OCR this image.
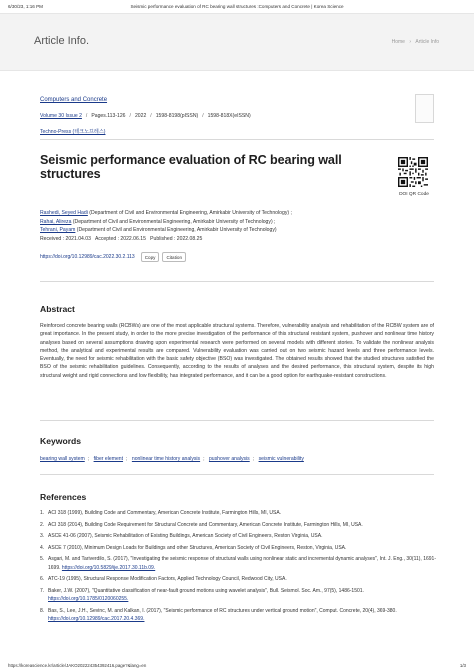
6/30/23, 1:16 PM	Seismic performance evaluation of RC bearing wall structures :Computers and Concrete | Korea Science
Article Info.	Home › Article Info
Computers and Concrete
Volume 30 Issue 2 / Pages.113-126 / 2022 / 1598-8198(pISSN) / 1598-818X(eISSN)
Techno-Press (테크노프레스)
Seismic performance evaluation of RC bearing wall structures
DOI QR Code
Rashedi, Seyed Hadi (Department of Civil and Environmental Engineering, Amirkabir University of Technology) ;
Rahai, Alireza (Department of Civil and Environmental Engineering, Amirkabir University of Technology) ;
Tehrani, Payam (Department of Civil and Environmental Engineering, Amirkabir University of Technology)
Received : 2021.04.03   Accepted : 2022.06.15   Published : 2022.08.25
https://doi.org/10.12989/cac.2022.30.2.113	Copy	Citation
Abstract
Reinforced concrete bearing walls (RCBWs) are one of the most applicable structural systems. Therefore, vulnerability analysis and rehabilitation of the RCBW system are of great importance. In the present study, in order to the more precise investigation of the performance of this structural resistant system, pushover and nonlinear time history analyses based on several assumptions drawing upon experimental research were performed on several models with different stories. To validate the nonlinear analysis method, the analytical and experimental results are compared. Vulnerability evaluation was carried out on two seismic hazard levels and three performance levels. Eventually, the need for seismic rehabilitation with the basic safety objective (BSO) was investigated. The obtained results showed that the studied structures satisfied the BSO of the seismic rehabilitation guidelines. Consequently, according to the results of analyses and the desired performance, this structural system, despite its high structural weight and rigid connections and low flexibility, has integrated performance, and it can be a good option for earthquake-resistant constructions.
Keywords
bearing wall system ; fiber element ; nonlinear time history analysis ; pushover analysis ; seismic vulnerability
References
1. ACI 318 (1999), Building Code and Commentary, American Concrete Institute, Farmington Hills, MI, USA.
2. ACI 318 (2014), Building Code Requirement for Structural Concrete and Commentary, American Concrete Institute, Farmington Hills, MI, USA.
3. ASCE 41-06 (2007), Seismic Rehabilitation of Existing Buildings, American Society of Civil Engineers, Reston Virginia, USA.
4. ASCE 7 (2010), Minimum Design Loads for Buildings and other Structures, American Society of Civil Engineers, Reston, Virginia, USA.
5. Asgari, M. and Tariverdilo, S. (2017), "Investigating the seismic response of structural walls using nonlinear static and incremental dynamic analyses", Int. J. Eng., 30(11), 1691-1699. https://doi.org/10.5829/ije.2017.30.11b.09.
6. ATC-19 (1995), Structural Response Modification Factors, Applied Technology Council, Redwood City, USA.
7. Baker, J.W. (2007), "Quantitative classification of near-fault ground motions using wavelet analysis", Bull. Seismol. Soc. Am., 97(5), 1486-1501. https://doi.org/10.1785/0120060255.
8. Bas, S., Lee, J.H., Sevinc, M. and Kalkan, I. (2017), "Seismic performance of RC structures under vertical ground motion", Comput. Concrete, 20(4), 369-380. https://doi.org/10.12989/cac.2017.20.4.369.
https://koreascience.kr/article/JAKO202224354392416.page?&lang=en	1/3
